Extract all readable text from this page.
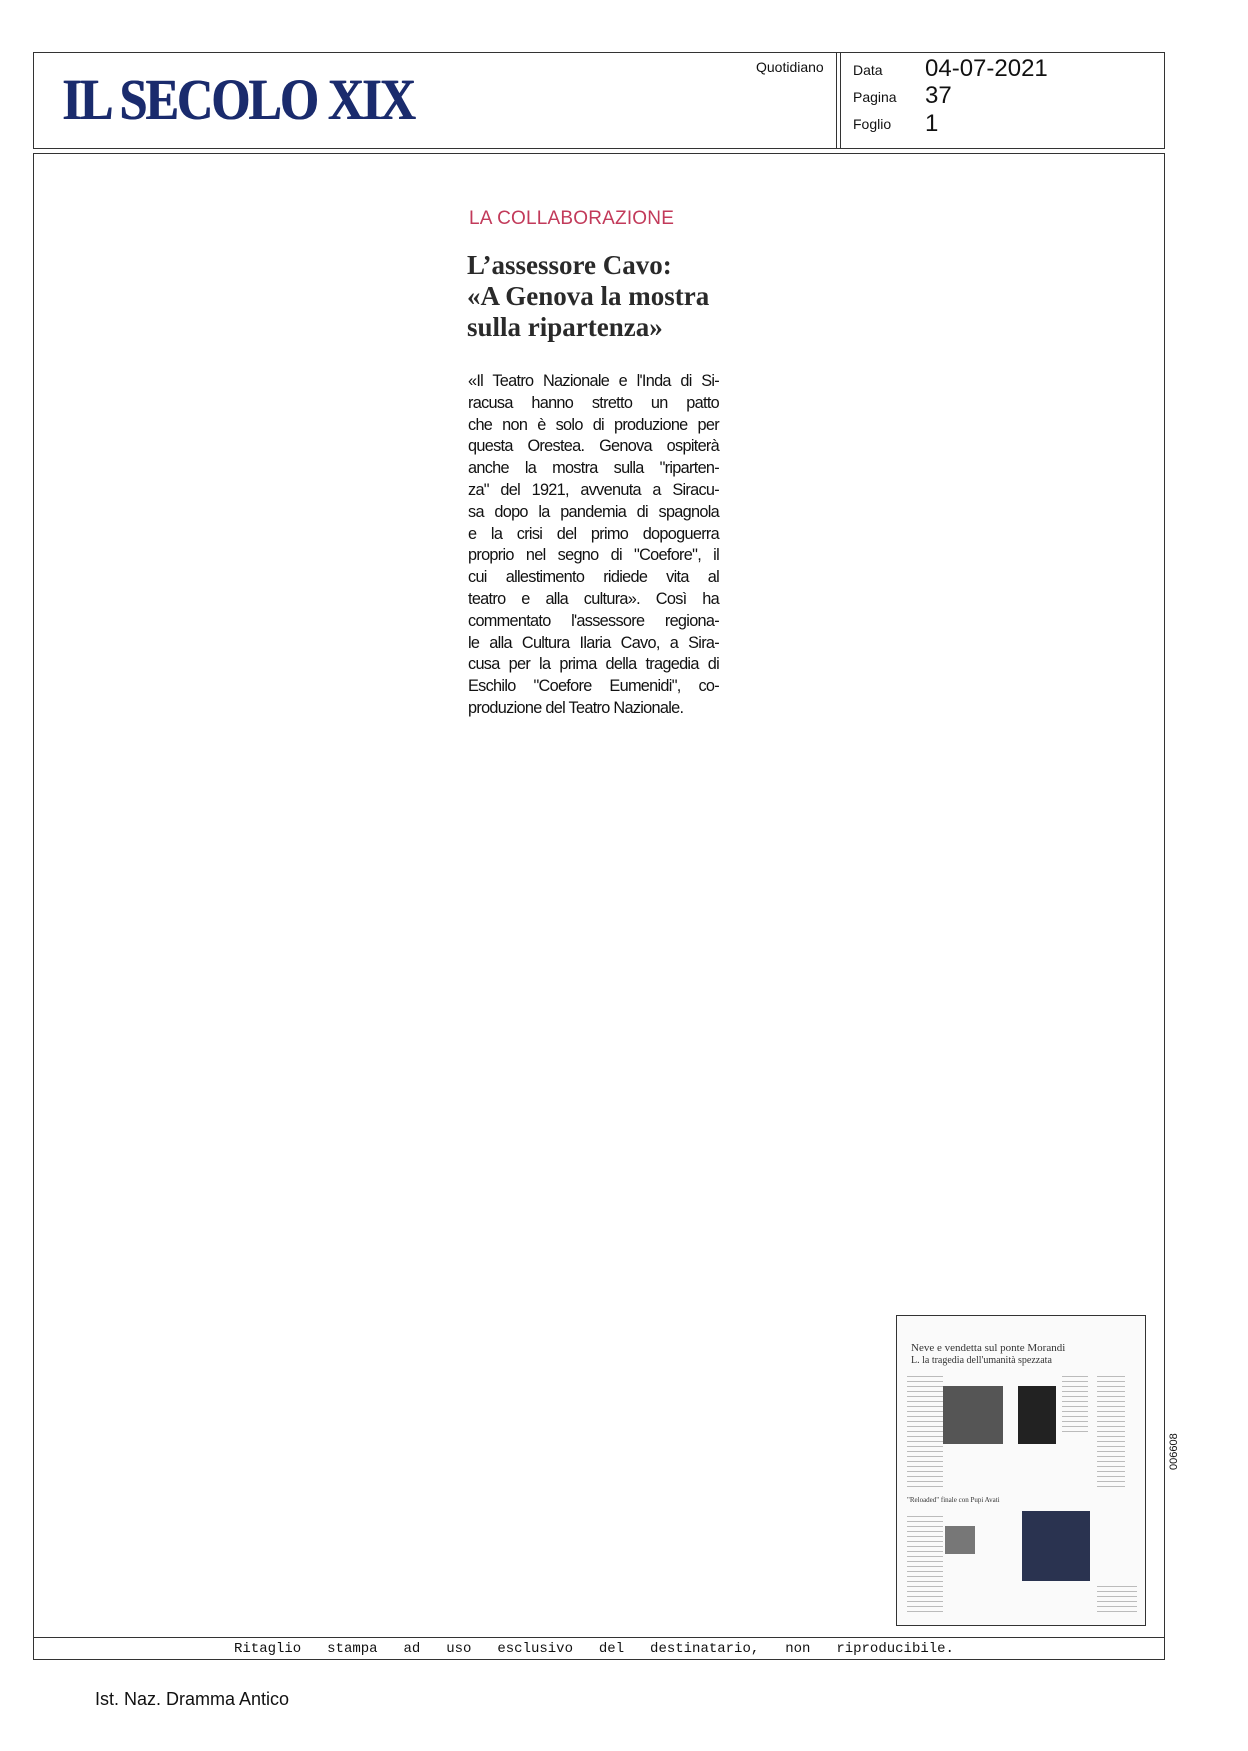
IL SECOLO XIX	Quotidiano Data 04-07-2021
Pagina 37
Foglio 1
LA COLLABORAZIONE
L’assessore Cavo:
«A Genova la mostra
sulla ripartenza»
«Il Teatro Nazionale e l'Inda di Si-
racusa hanno stretto un patto
che non è solo di produzione per
questa Orestea. Genova ospiterà
anche la mostra sulla "riparten-
za" del 1921, avvenuta a Siracu-
sa dopo la pandemia di spagnola
e la crisi del primo dopoguerra
proprio nel segno di "Coefore", il
cui allestimento ridiede vita al
teatro e alla cultura». Così ha
commentato l'assessore regiona-
le alla Cultura Ilaria Cavo, a Sira-
cusa per la prima della tragedia di
Eschilo "Coefore Eumenidi", co-
produzione del Teatro Nazionale.
Neve e vendetta sul ponte Morandi
L. la tragedia dell'umanità spezzata
"Reloaded" finale con Pupi Avati
006608
Ritaglio stampa ad uso esclusivo del destinatario, non riproducibile.
Ist. Naz. Dramma Antico
